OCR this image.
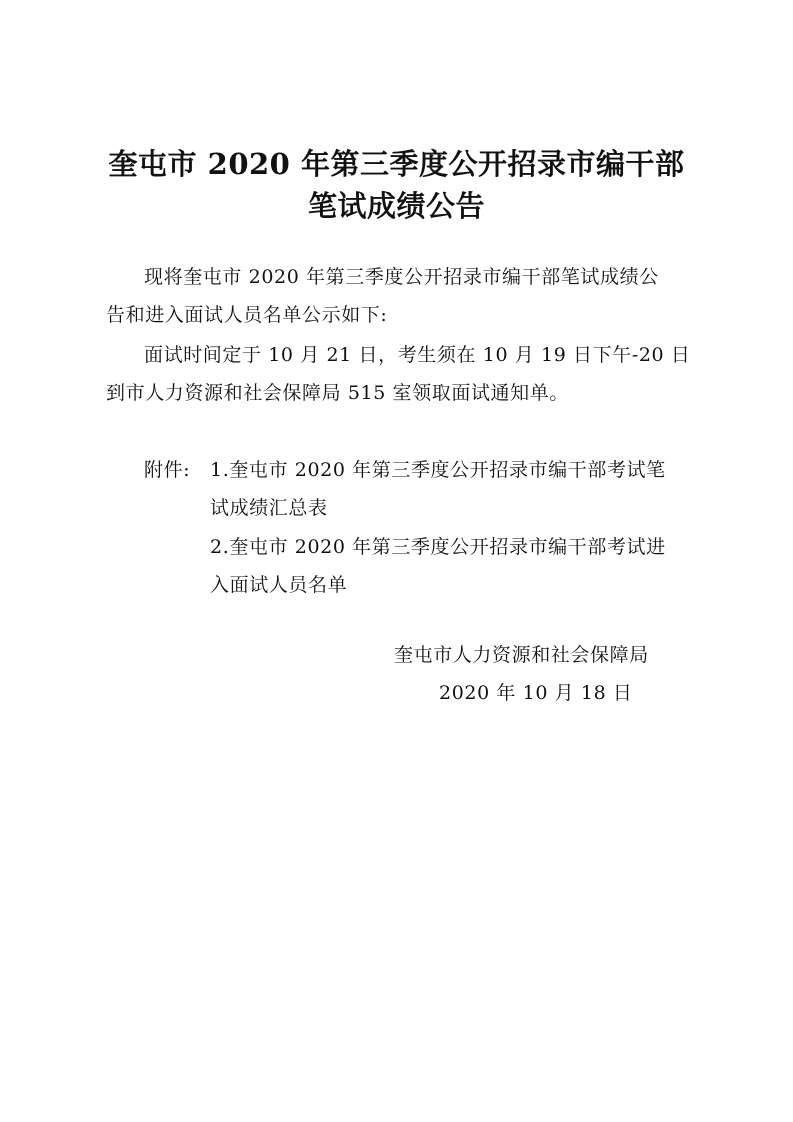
奎屯市 2020 年第三季度公开招录市编干部
笔试成绩公告
现将奎屯市 2020 年第三季度公开招录市编干部笔试成绩公
告和进入面试人员名单公示如下:
面试时间定于 10 月 21 日，考生须在 10 月 19 日下午-20 日
到市人力资源和社会保障局 515 室领取面试通知单。
附件: 1.奎屯市 2020 年第三季度公开招录市编干部考试笔
试成绩汇总表
2.奎屯市 2020 年第三季度公开招录市编干部考试进
入面试人员名单
奎屯市人力资源和社会保障局
2020 年 10 月 18 日
